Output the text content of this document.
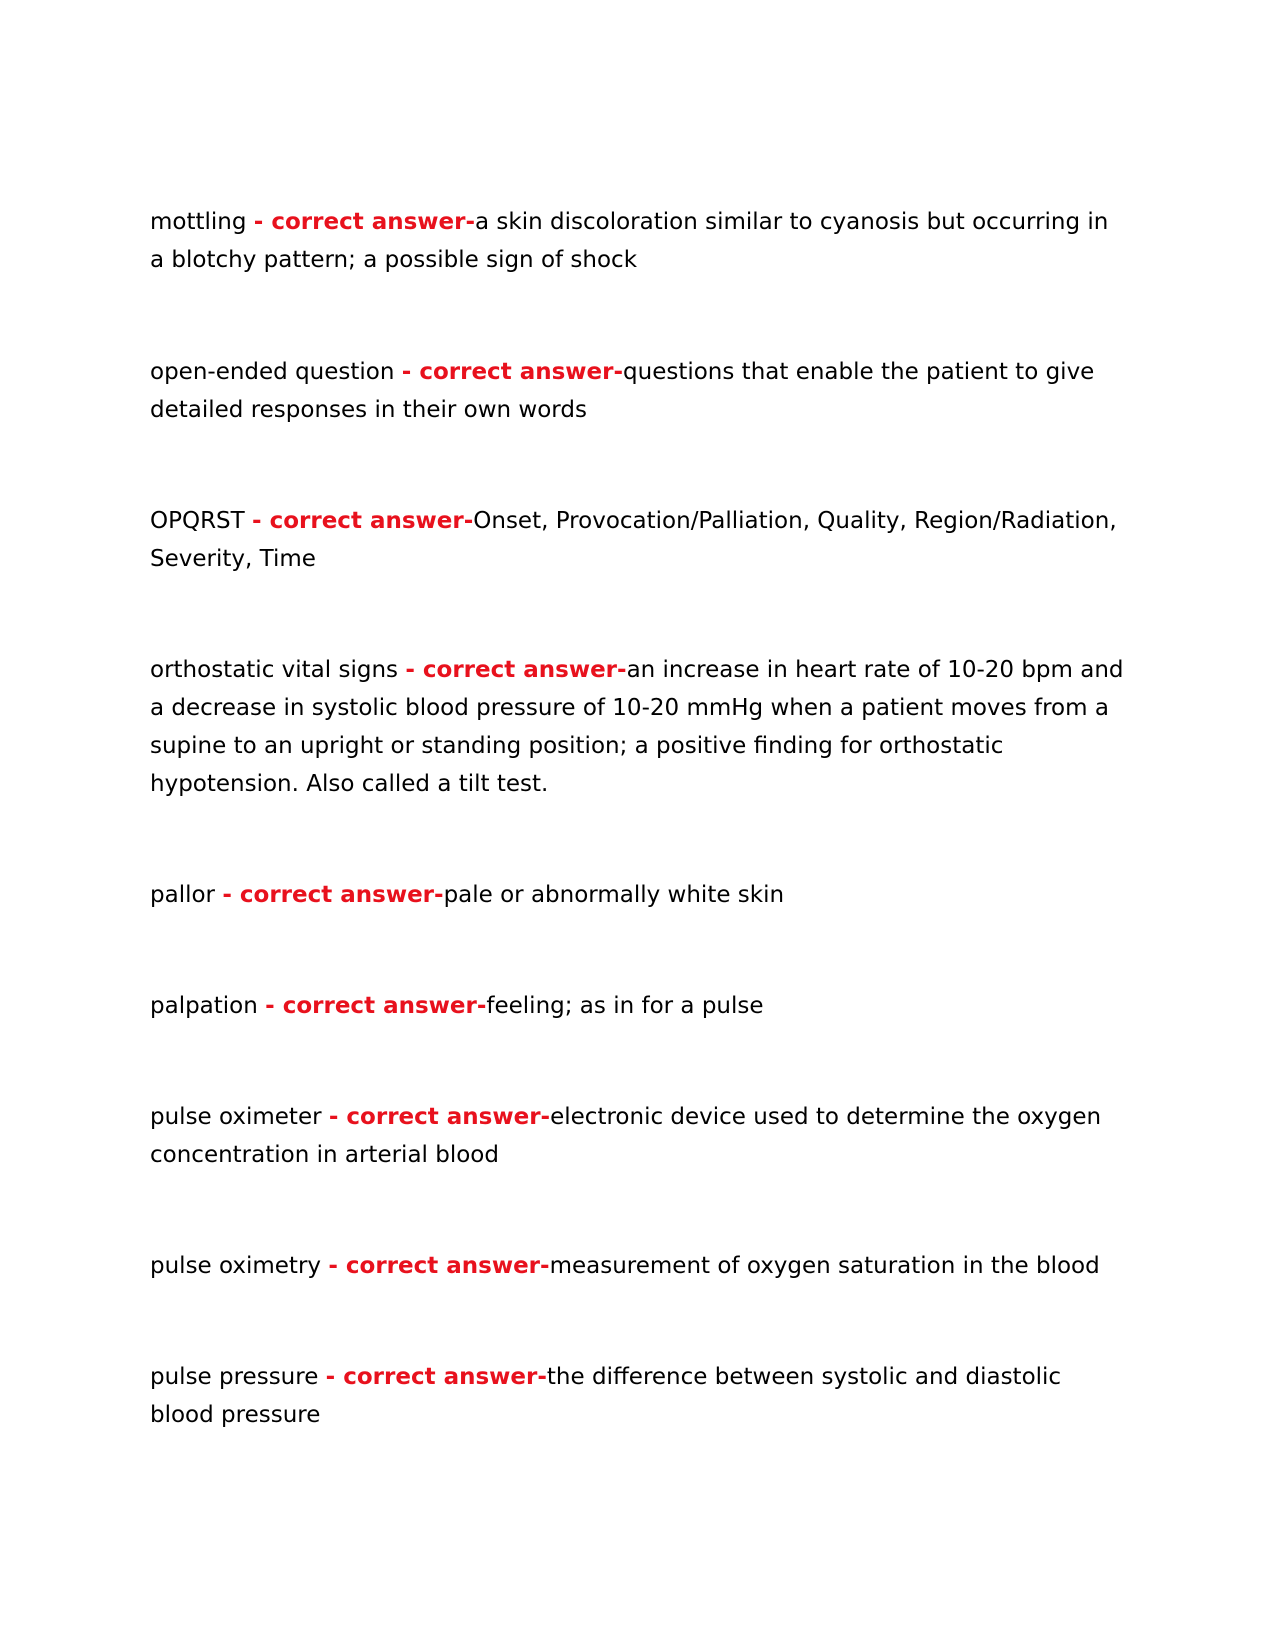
mottling - correct answer-a skin discoloration similar to cyanosis but occurring in a blotchy pattern; a possible sign of shock

open-ended question - correct answer-questions that enable the patient to give detailed responses in their own words

OPQRST - correct answer-Onset, Provocation/Palliation, Quality, Region/Radiation, Severity, Time

orthostatic vital signs - correct answer-an increase in heart rate of 10-20 bpm and a decrease in systolic blood pressure of 10-20 mmHg when a patient moves from a supine to an upright or standing position; a positive finding for orthostatic hypotension. Also called a tilt test.

pallor - correct answer-pale or abnormally white skin

palpation - correct answer-feeling; as in for a pulse

pulse oximeter - correct answer-electronic device used to determine the oxygen concentration in arterial blood

pulse oximetry - correct answer-measurement of oxygen saturation in the blood

pulse pressure - correct answer-the difference between systolic and diastolic blood pressure
